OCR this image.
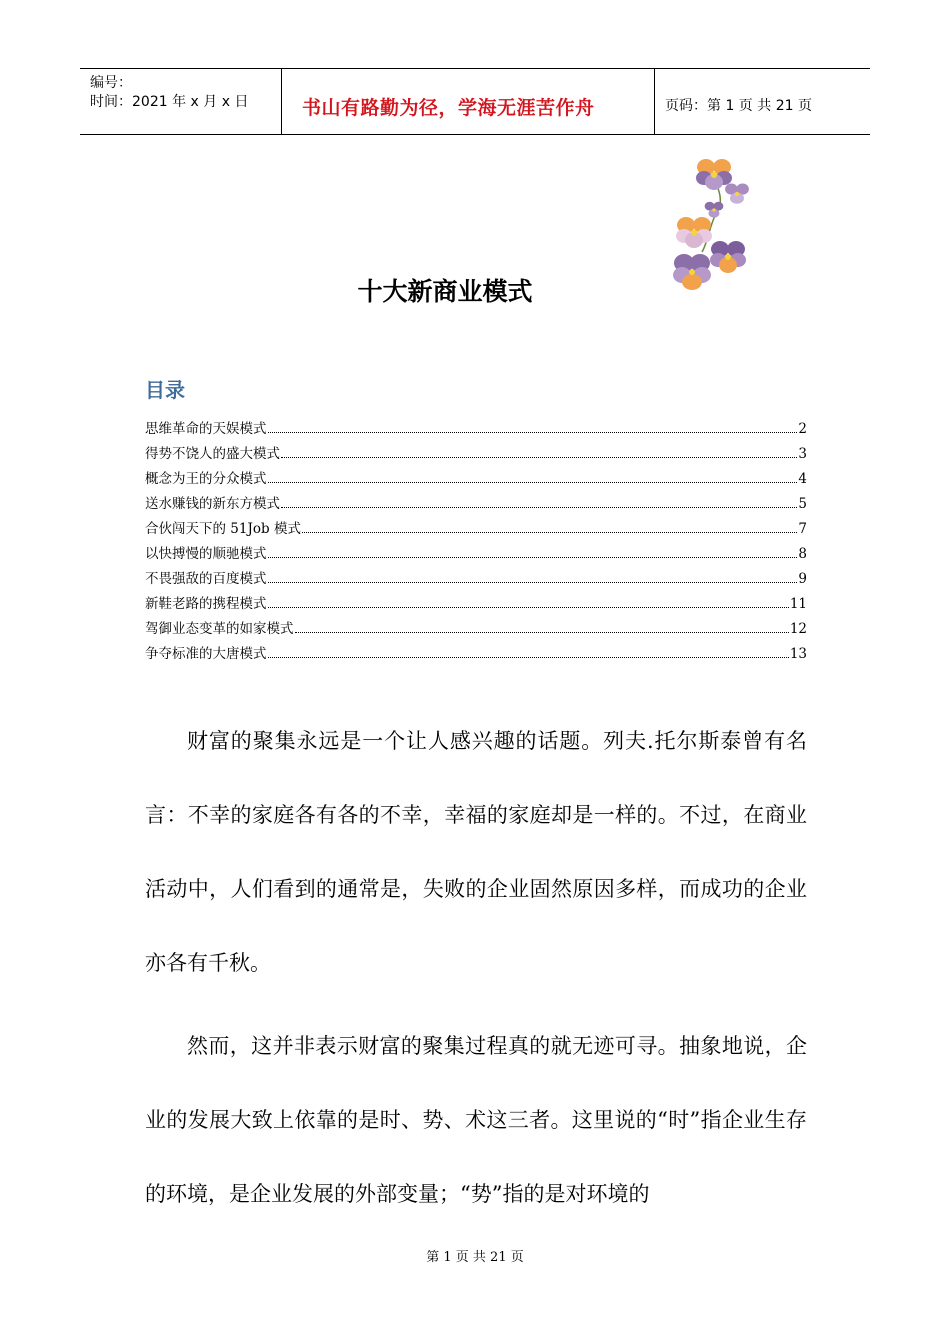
编号：
时间：2021 年 x 月 x 日	书山有路勤为径，学海无涯苦作舟	页码：第 1 页 共 21 页
十大新商业模式
目录
思维革命的天娱模式	2
得势不饶人的盛大模式	3
概念为王的分众模式	4
送水赚钱的新东方模式	5
合伙闯天下的 51Job 模式	7
以快搏慢的顺驰模式	8
不畏强敌的百度模式	9
新鞋老路的携程模式	11
驾御业态变革的如家模式	12
争夺标准的大唐模式	13

财富的聚集永远是一个让人感兴趣的话题。列夫.托尔斯泰曾有名言：不幸的家庭各有各的不幸，幸福的家庭却是一样的。不过，在商业活动中，人们看到的通常是，失败的企业固然原因多样，而成功的企业亦各有千秋。

然而，这并非表示财富的聚集过程真的就无迹可寻。抽象地说，企业的发展大致上依靠的是时、势、术这三者。这里说的“时”指企业生存的环境，是企业发展的外部变量；“势”指的是对环境的

第 1 页 共 21 页
